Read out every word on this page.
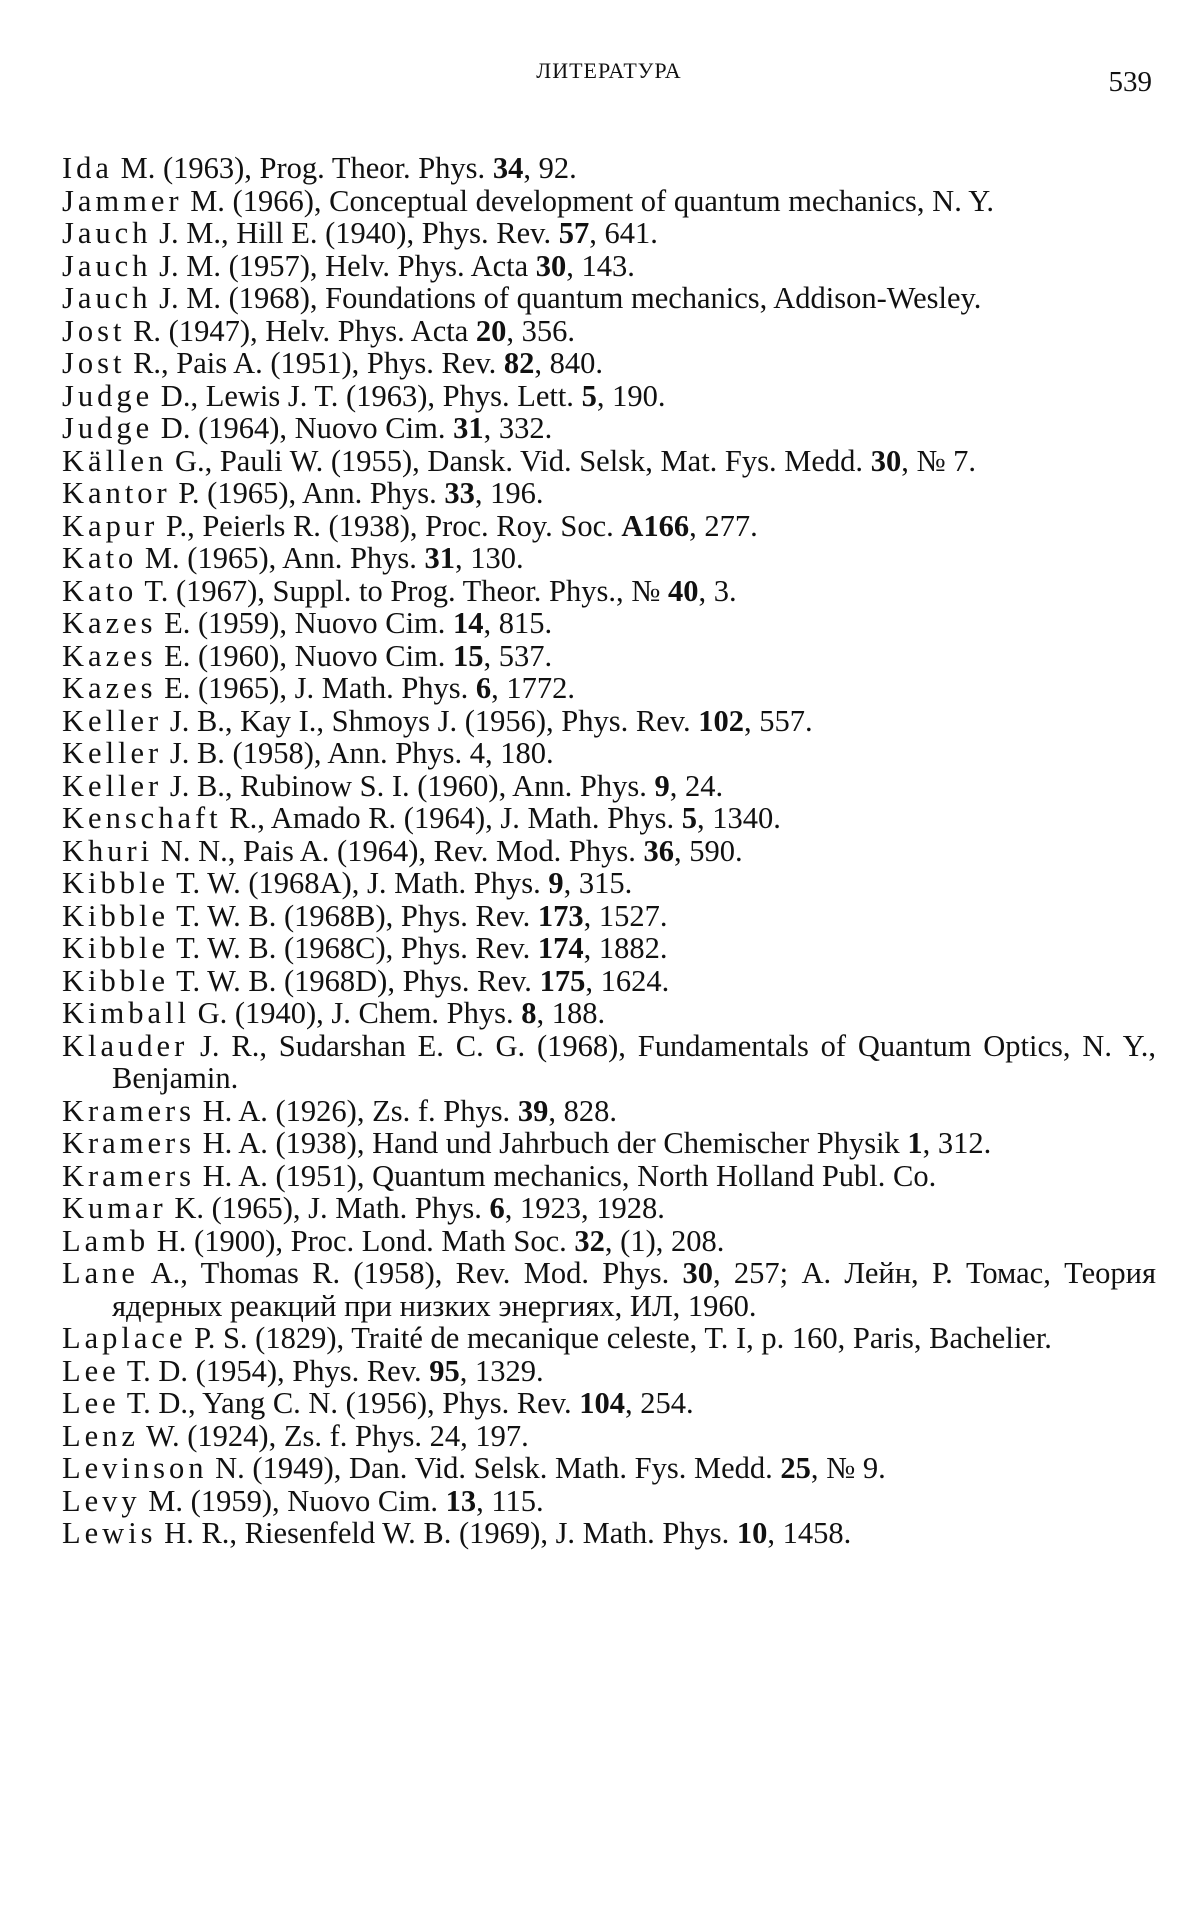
ЛИТЕРАТУРА	539
Ida M. (1963), Prog. Theor. Phys. 34, 92.
Jammer M. (1966), Conceptual development of quantum mechanics, N. Y.
Jauch J. M., Hill E. (1940), Phys. Rev. 57, 641.
Jauch J. M. (1957), Helv. Phys. Acta 30, 143.
Jauch J. M. (1968), Foundations of quantum mechanics, Addison-Wesley.
Jost R. (1947), Helv. Phys. Acta 20, 356.
Jost R., Pais A. (1951), Phys. Rev. 82, 840.
Judge D., Lewis J. T. (1963), Phys. Lett. 5, 190.
Judge D. (1964), Nuovo Cim. 31, 332.
Källen G., Pauli W. (1955), Dansk. Vid. Selsk, Mat. Fys. Medd. 30, № 7.
Kantor P. (1965), Ann. Phys. 33, 196.
Kapur P., Peierls R. (1938), Proc. Roy. Soc. A166, 277.
Kato M. (1965), Ann. Phys. 31, 130.
Kato T. (1967), Suppl. to Prog. Theor. Phys., № 40, 3.
Kazes E. (1959), Nuovo Cim. 14, 815.
Kazes E. (1960), Nuovo Cim. 15, 537.
Kazes E. (1965), J. Math. Phys. 6, 1772.
Keller J. B., Kay I., Shmoys J. (1956), Phys. Rev. 102, 557.
Keller J. B. (1958), Ann. Phys. 4, 180.
Keller J. B., Rubinow S. I. (1960), Ann. Phys. 9, 24.
Kenschaft R., Amado R. (1964), J. Math. Phys. 5, 1340.
Khuri N. N., Pais A. (1964), Rev. Mod. Phys. 36, 590.
Kibble T. W. (1968A), J. Math. Phys. 9, 315.
Kibble T. W. B. (1968B), Phys. Rev. 173, 1527.
Kibble T. W. B. (1968C), Phys. Rev. 174, 1882.
Kibble T. W. B. (1968D), Phys. Rev. 175, 1624.
Kimball G. (1940), J. Chem. Phys. 8, 188.
Klauder J. R., Sudarshan E. C. G. (1968), Fundamentals of Quantum Optics, N. Y., Benjamin.
Kramers H. A. (1926), Zs. f. Phys. 39, 828.
Kramers H. A. (1938), Hand und Jahrbuch der Chemischer Physik 1, 312.
Kramers H. A. (1951), Quantum mechanics, North Holland Publ. Co.
Kumar K. (1965), J. Math. Phys. 6, 1923, 1928.
Lamb H. (1900), Proc. Lond. Math Soc. 32, (1), 208.
Lane A., Thomas R. (1958), Rev. Mod. Phys. 30, 257; А. Лейн, Р. Томас, Теория ядерных реакций при низких энергиях, ИЛ, 1960.
Laplace P. S. (1829), Traité de mecanique celeste, T. I, p. 160, Paris, Bachelier.
Lee T. D. (1954), Phys. Rev. 95, 1329.
Lee T. D., Yang C. N. (1956), Phys. Rev. 104, 254.
Lenz W. (1924), Zs. f. Phys. 24, 197.
Levinson N. (1949), Dan. Vid. Selsk. Math. Fys. Medd. 25, № 9.
Levy M. (1959), Nuovo Cim. 13, 115.
Lewis H. R., Riesenfeld W. B. (1969), J. Math. Phys. 10, 1458.
